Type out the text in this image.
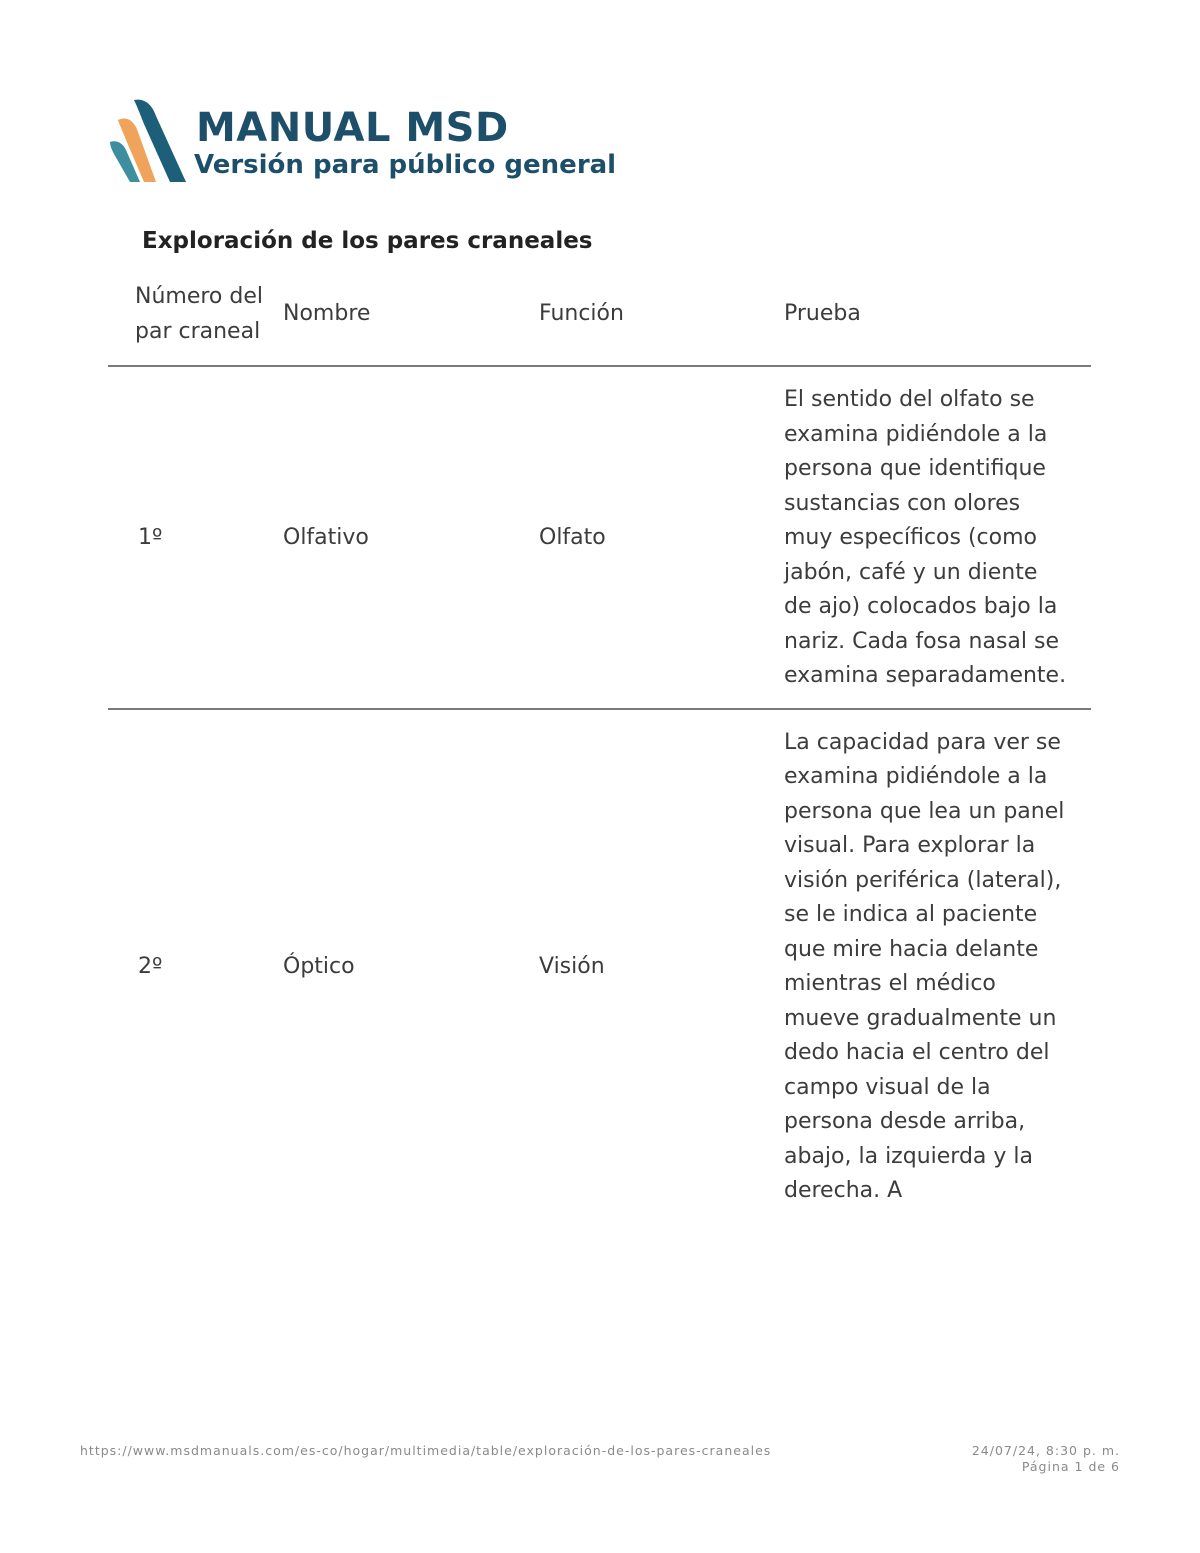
MANUAL MSD
Versión para público general
Exploración de los pares craneales
Número del par craneal	Nombre	Función	Prueba
1º	Olfativo	Olfato	El sentido del olfato se examina pidiéndole a la persona que identifique sustancias con olores muy específicos (como jabón, café y un diente de ajo) colocados bajo la nariz. Cada fosa nasal se examina separadamente.
2º	Óptico	Visión	La capacidad para ver se examina pidiéndole a la persona que lea un panel visual. Para explorar la visión periférica (lateral), se le indica al paciente que mire hacia delante mientras el médico mueve gradualmente un dedo hacia el centro del campo visual de la persona desde arriba, abajo, la izquierda y la derecha. A
https://www.msdmanuals.com/es-co/hogar/multimedia/table/exploración-de-los-pares-craneales	24/07/24, 8:30 p. m.
Página 1 de 6
